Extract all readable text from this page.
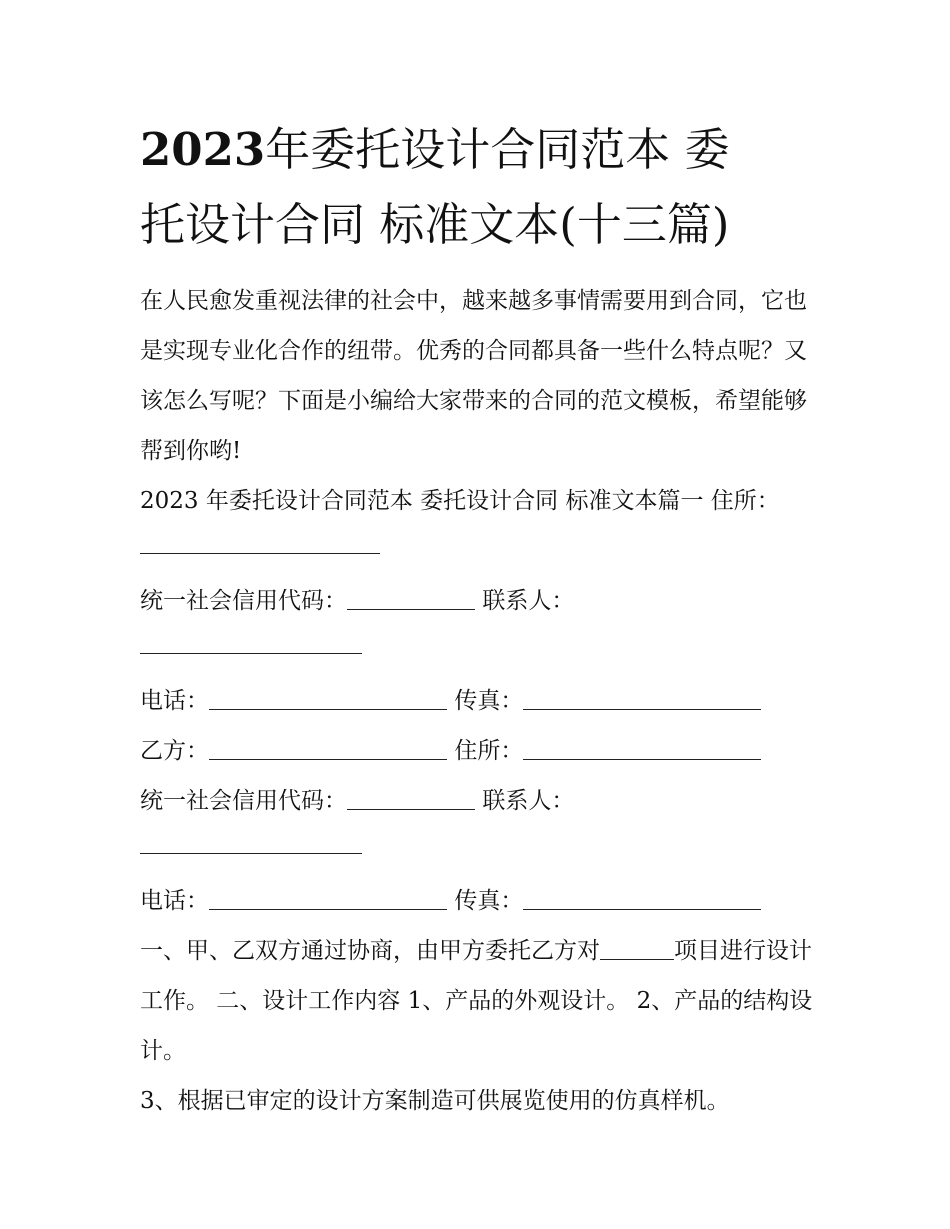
2023年委托设计合同范本 委
托设计合同 标准文本(十三篇)

在人民愈发重视法律的社会中，越来越多事情需要用到合同，它也是实现专业化合作的纽带。优秀的合同都具备一些什么特点呢？又该怎么写呢？下面是小编给大家带来的合同的范文模板，希望能够帮到你哟!

2023 年委托设计合同范本 委托设计合同 标准文本篇一 住所：

统一社会信用代码：	联系人：

电话：	传真：

乙方：	住所：

统一社会信用代码：	联系人：

电话：	传真：

一、甲、乙双方通过协商，由甲方委托乙方对	项目进行设计工作。 二、设计工作内容 1、产品的外观设计。 2、产品的结构设计。

3、根据已审定的设计方案制造可供展览使用的仿真样机。
